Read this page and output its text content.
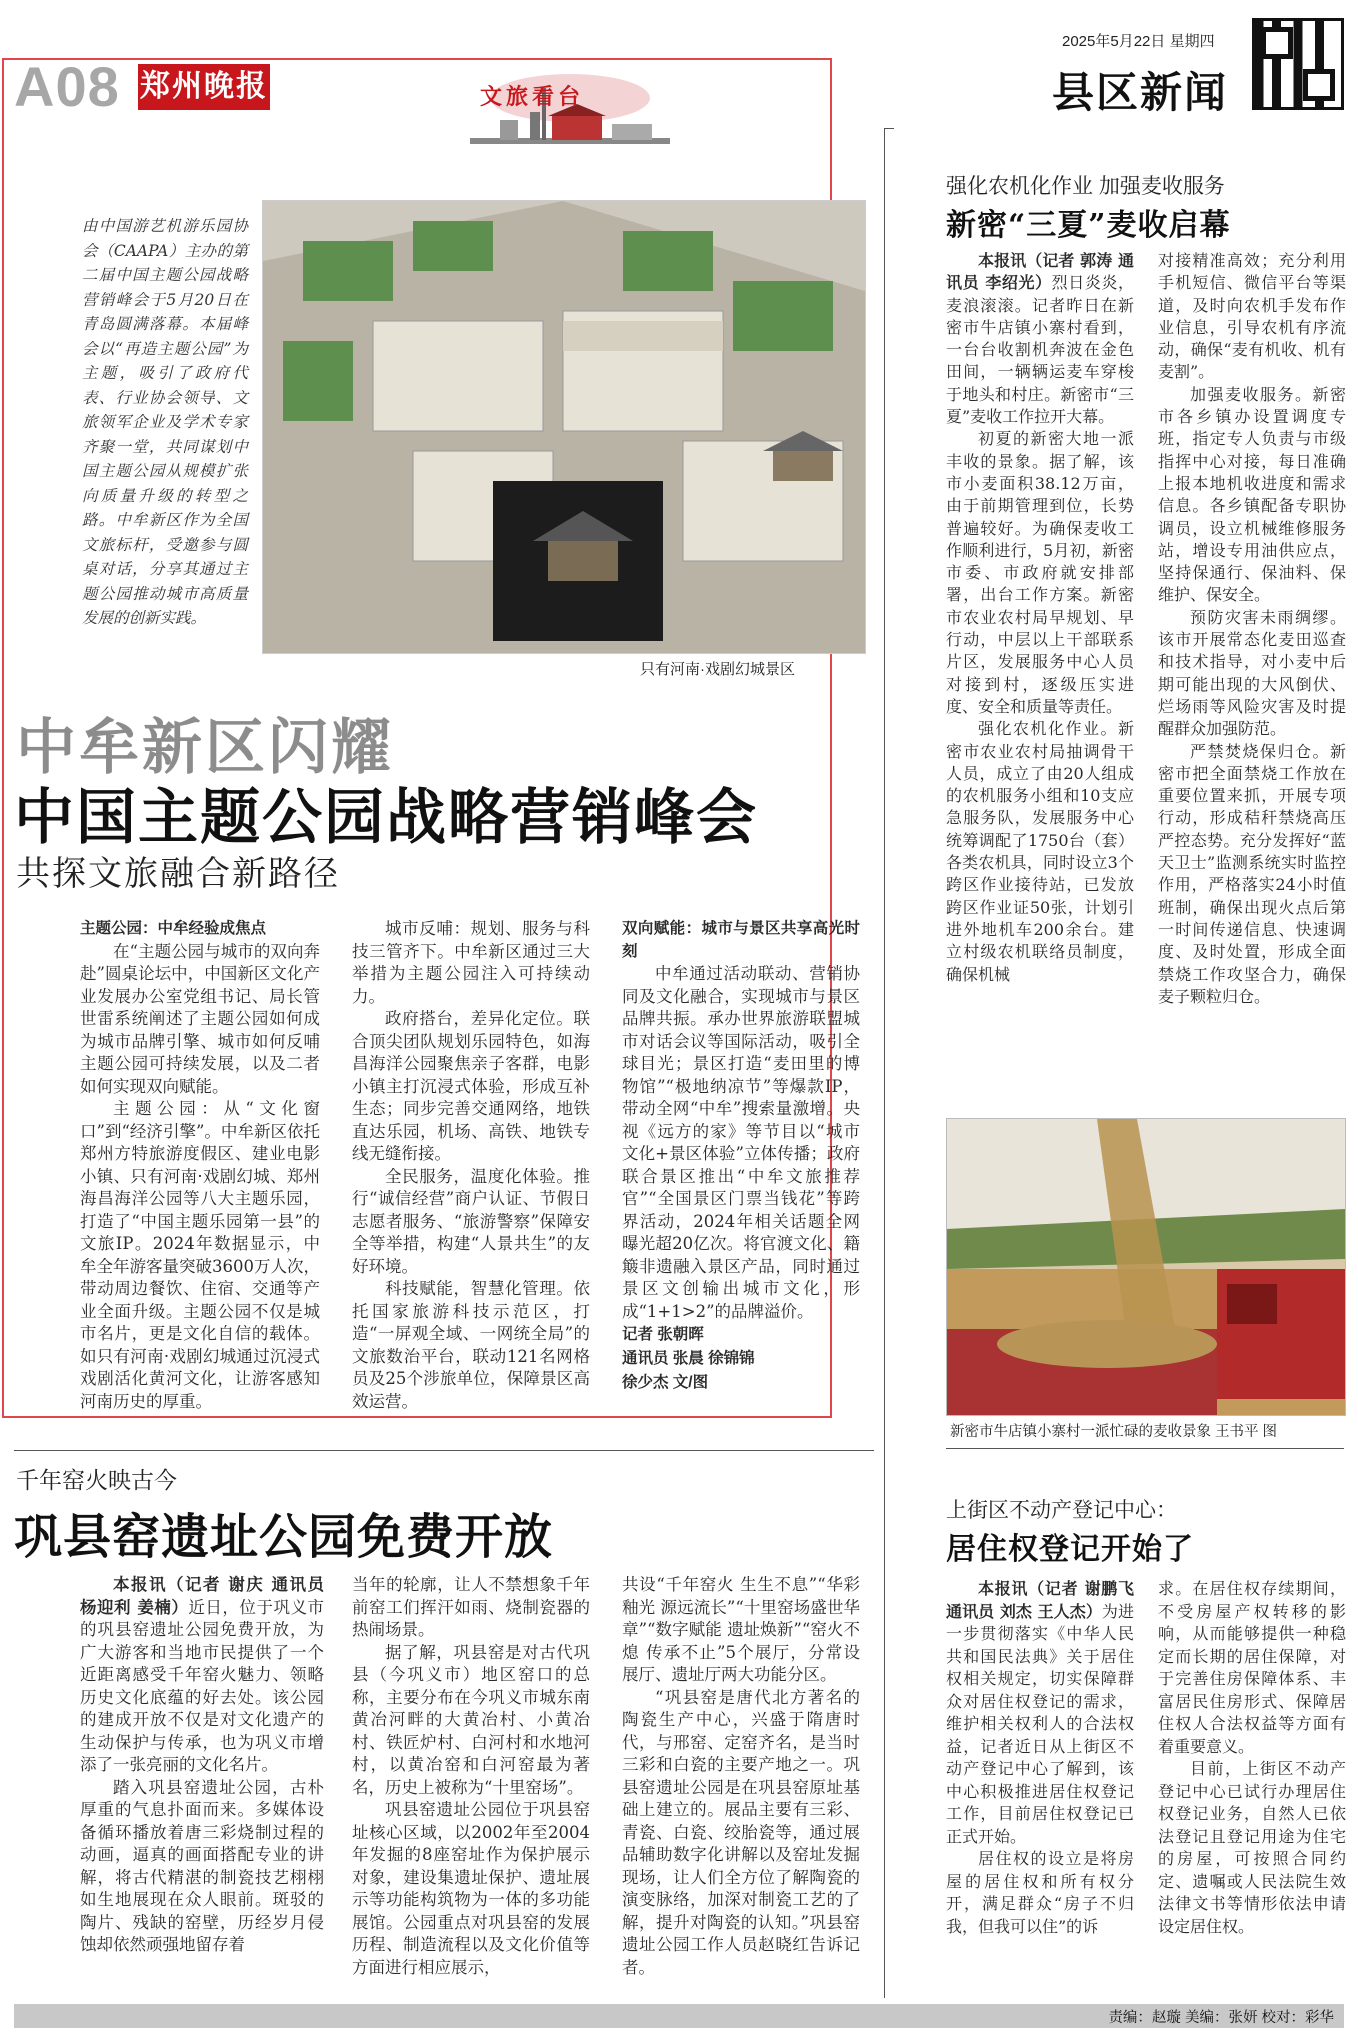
A08 郑州晚报	文旅看台
2025年5月22日 星期四
县区新闻
由中国游艺机游乐园协会（CAAPA）主办的第二届中国主题公园战略营销峰会于5月20日在青岛圆满落幕。本届峰会以“再造主题公园”为主题，吸引了政府代表、行业协会领导、文旅领军企业及学术专家齐聚一堂，共同谋划中国主题公园从规模扩张向质量升级的转型之路。中牟新区作为全国文旅标杆，受邀参与圆桌对话，分享其通过主题公园推动城市高质量发展的创新实践。
只有河南·戏剧幻城景区
中牟新区闪耀
中国主题公园战略营销峰会
共探文旅融合新路径

主题公园：中牟经验成焦点

在“主题公园与城市的双向奔赴”圆桌论坛中，中国新区文化产业发展办公室党组书记、局长管世雷系统阐述了主题公园如何成为城市品牌引擎、城市如何反哺主题公园可持续发展，以及二者如何实现双向赋能。

主题公园：从“文化窗口”到“经济引擎”。中牟新区依托郑州方特旅游度假区、建业电影小镇、只有河南·戏剧幻城、郑州海昌海洋公园等八大主题乐园，打造了“中国主题乐园第一县”的文旅IP。2024年数据显示，中牟全年游客量突破3600万人次，带动周边餐饮、住宿、交通等产业全面升级。主题公园不仅是城市名片，更是文化自信的载体。如只有河南·戏剧幻城通过沉浸式戏剧活化黄河文化，让游客感知河南历史的厚重。

城市反哺：规划、服务与科技三管齐下。中牟新区通过三大举措为主题公园注入可持续动力。

政府搭台，差异化定位。联合顶尖团队规划乐园特色，如海昌海洋公园聚焦亲子客群，电影小镇主打沉浸式体验，形成互补生态；同步完善交通网络，地铁直达乐园，机场、高铁、地铁专线无缝衔接。

全民服务，温度化体验。推行“诚信经营”商户认证、节假日志愿者服务、“旅游警察”保障安全等举措，构建“人景共生”的友好环境。

科技赋能，智慧化管理。依托国家旅游科技示范区，打造“一屏观全域、一网统全局”的文旅数治平台，联动121名网格员及25个涉旅单位，保障景区高效运营。

双向赋能：城市与景区共享高光时刻

中牟通过活动联动、营销协同及文化融合，实现城市与景区品牌共振。承办世界旅游联盟城市对话会议等国际活动，吸引全球目光；景区打造“麦田里的博物馆”“极地纳凉节”等爆款IP，带动全网“中牟”搜索量激增。央视《远方的家》等节目以“城市文化+景区体验”立体传播；政府联合景区推出“中牟文旅推荐官”“全国景区门票当钱花”等跨界活动，2024年相关话题全网曝光超20亿次。将官渡文化、籍簸非遗融入景区产品，同时通过景区文创输出城市文化，形成“1+1>2”的品牌溢价。

记者 张朝晖
通讯员 张晨 徐锦锦
徐少杰 文/图
千年窑火映古今
巩县窑遗址公园免费开放

本报讯（记者 谢庆 通讯员 杨迎利 姜楠）近日，位于巩义市的巩县窑遗址公园免费开放，为广大游客和当地市民提供了一个近距离感受千年窑火魅力、领略历史文化底蕴的好去处。该公园的建成开放不仅是对文化遗产的生动保护与传承，也为巩义市增添了一张亮丽的文化名片。

踏入巩县窑遗址公园，古朴厚重的气息扑面而来。多媒体设备循环播放着唐三彩烧制过程的动画，逼真的画面搭配专业的讲解，将古代精湛的制瓷技艺栩栩如生地展现在众人眼前。斑驳的陶片、残缺的窑壁，历经岁月侵蚀却依然顽强地留存着

当年的轮廓，让人不禁想象千年前窑工们挥汗如雨、烧制瓷器的热闹场景。

据了解，巩县窑是对古代巩县（今巩义市）地区窑口的总称，主要分布在今巩义市城东南黄冶河畔的大黄冶村、小黄冶村、铁匠炉村、白河村和水地河村，以黄冶窑和白河窑最为著名，历史上被称为“十里窑场”。

巩县窑遗址公园位于巩县窑址核心区域，以2002年至2004年发掘的8座窑址作为保护展示对象，建设集遗址保护、遗址展示等功能构筑物为一体的多功能展馆。公园重点对巩县窑的发展历程、制造流程以及文化价值等方面进行相应展示，

共设“千年窑火 生生不息”“华彩釉光 源远流长”“十里窑场盛世华章”“数字赋能 遗址焕新”“窑火不熄 传承不止”5个展厅，分常设展厅、遗址厅两大功能分区。

“巩县窑是唐代北方著名的陶瓷生产中心，兴盛于隋唐时代，与邢窑、定窑齐名，是当时三彩和白瓷的主要产地之一。巩县窑遗址公园是在巩县窑原址基础上建立的。展品主要有三彩、青瓷、白瓷、绞胎瓷等，通过展品辅助数字化讲解以及窑址发掘现场，让人们全方位了解陶瓷的演变脉络，加深对制瓷工艺的了解，提升对陶瓷的认知。”巩县窑遗址公园工作人员赵晓红告诉记者。

强化农机化作业 加强麦收服务
新密“三夏”麦收启幕

本报讯（记者 郭涛 通讯员 李绍光）烈日炎炎，麦浪滚滚。记者昨日在新密市牛店镇小寨村看到，一台台收割机奔波在金色田间，一辆辆运麦车穿梭于地头和村庄。新密市“三夏”麦收工作拉开大幕。

初夏的新密大地一派丰收的景象。据了解，该市小麦面积38.12万亩，由于前期管理到位，长势普遍较好。为确保麦收工作顺利进行，5月初，新密市委、市政府就安排部署，出台工作方案。新密市农业农村局早规划、早行动，中层以上干部联系片区，发展服务中心人员对接到村，逐级压实进度、安全和质量等责任。

强化农机化作业。新密市农业农村局抽调骨干人员，成立了由20人组成的农机服务小组和10支应急服务队，发展服务中心统筹调配了1750台（套）各类农机具，同时设立3个跨区作业接待站，已发放跨区作业证50张，计划引进外地机车200余台。建立村级农机联络员制度，确保机械

对接精准高效；充分利用手机短信、微信平台等渠道，及时向农机手发布作业信息，引导农机有序流动，确保“麦有机收、机有麦割”。

加强麦收服务。新密市各乡镇办设置调度专班，指定专人负责与市级指挥中心对接，每日准确上报本地机收进度和需求信息。各乡镇配备专职协调员，设立机械维修服务站，增设专用油供应点，坚持保通行、保油料、保维护、保安全。

预防灾害未雨绸缪。该市开展常态化麦田巡查和技术指导，对小麦中后期可能出现的大风倒伏、烂场雨等风险灾害及时提醒群众加强防范。

严禁焚烧保归仓。新密市把全面禁烧工作放在重要位置来抓，开展专项行动，形成秸秆禁烧高压严控态势。充分发挥好“蓝天卫士”监测系统实时监控作用，严格落实24小时值班制，确保出现火点后第一时间传递信息、快速调度、及时处置，形成全面禁烧工作攻坚合力，确保麦子颗粒归仓。

新密市牛店镇小寨村一派忙碌的麦收景象 王书平 图
上街区不动产登记中心：
居住权登记开始了

本报讯（记者 谢鹏飞 通讯员 刘杰 王人杰）为进一步贯彻落实《中华人民共和国民法典》关于居住权相关规定，切实保障群众对居住权登记的需求，维护相关权利人的合法权益，记者近日从上街区不动产登记中心了解到，该中心积极推进居住权登记工作，目前居住权登记已正式开始。

居住权的设立是将房屋的居住权和所有权分开，满足群众“房子不归我，但我可以住”的诉

求。在居住权存续期间，不受房屋产权转移的影响，从而能够提供一种稳定而长期的居住保障，对于完善住房保障体系、丰富居民住房形式、保障居住权人合法权益等方面有着重要意义。

目前，上街区不动产登记中心已试行办理居住权登记业务，自然人已依法登记且登记用途为住宅的房屋，可按照合同约定、遗嘱或人民法院生效法律文书等情形依法申请设定居住权。

责编：赵璇 美编：张妍 校对：彩华
